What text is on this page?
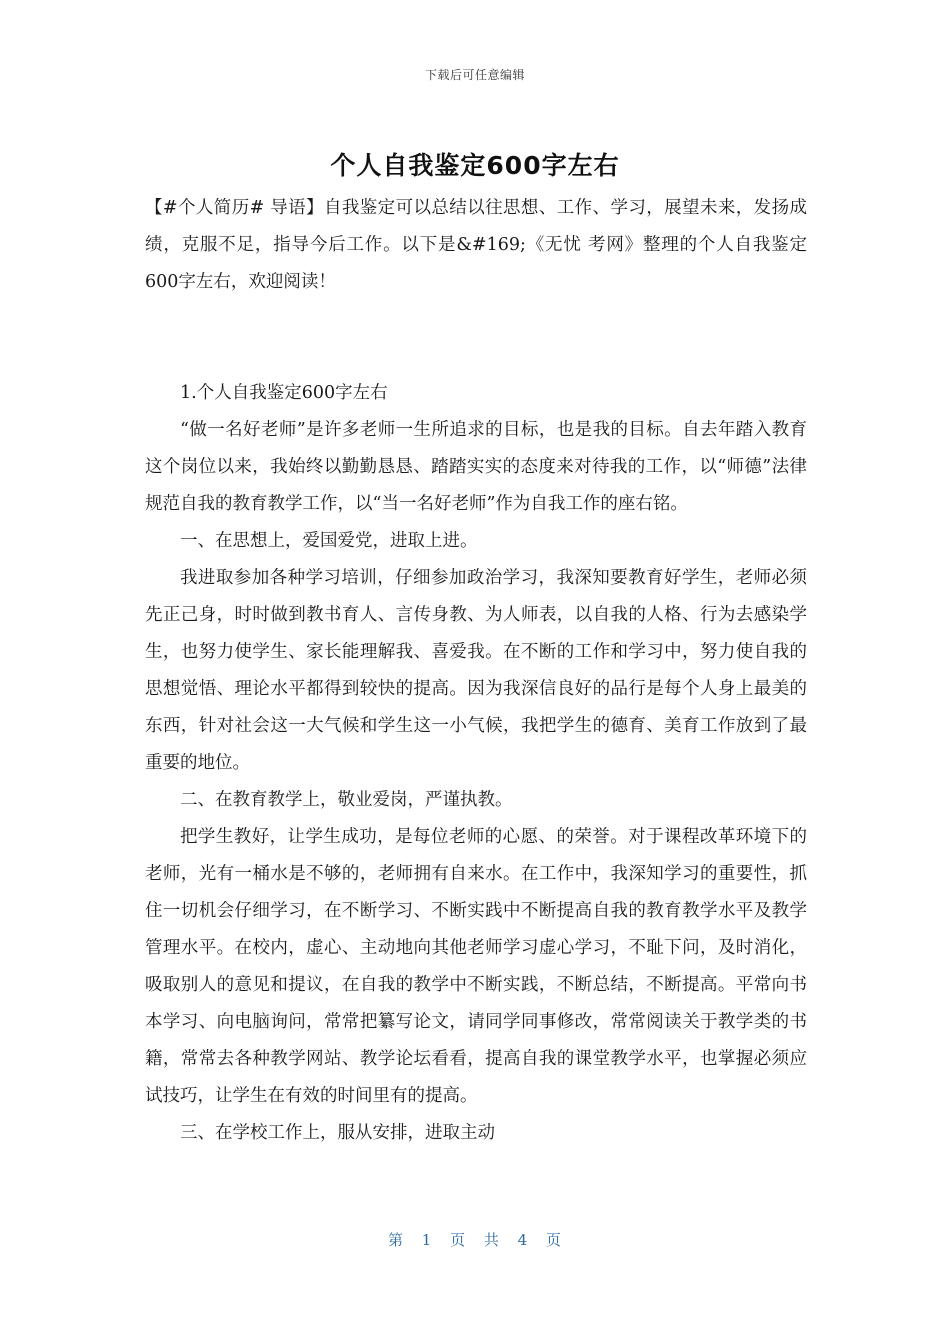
下载后可任意编辑
个人自我鉴定600字左右

【#个人简历# 导语】自我鉴定可以总结以往思想、工作、学习，展望未来，发扬成绩，克服不足，指导今后工作。以下是&#169;《无忧 考网》整理的个人自我鉴定600字左右，欢迎阅读！

1.个人自我鉴定600字左右

“做一名好老师”是许多老师一生所追求的目标，也是我的目标。自去年踏入教育这个岗位以来，我始终以勤勤恳恳、踏踏实实的态度来对待我的工作，以“师德”法律规范自我的教育教学工作，以“当一名好老师”作为自我工作的座右铭。

一、在思想上，爱国爱党，进取上进。

我进取参加各种学习培训，仔细参加政治学习，我深知要教育好学生，老师必须先正己身，时时做到教书育人、言传身教、为人师表，以自我的人格、行为去感染学生，也努力使学生、家长能理解我、喜爱我。在不断的工作和学习中，努力使自我的思想觉悟、理论水平都得到较快的提高。因为我深信良好的品行是每个人身上最美的东西，针对社会这一大气候和学生这一小气候，我把学生的德育、美育工作放到了最重要的地位。

二、在教育教学上，敬业爱岗，严谨执教。

把学生教好，让学生成功，是每位老师的心愿、的荣誉。对于课程改革环境下的老师，光有一桶水是不够的，老师拥有自来水。在工作中，我深知学习的重要性，抓住一切机会仔细学习，在不断学习、不断实践中不断提高自我的教育教学水平及教学管理水平。在校内，虚心、主动地向其他老师学习虚心学习，不耻下问，及时消化，吸取别人的意见和提议，在自我的教学中不断实践，不断总结，不断提高。平常向书本学习、向电脑询问，常常把纂写论文，请同学同事修改，常常阅读关于教学类的书籍，常常去各种教学网站、教学论坛看看，提高自我的课堂教学水平，也掌握必须应试技巧，让学生在有效的时间里有的提高。

三、在学校工作上，服从安排，进取主动

第 1 页 共 4 页
